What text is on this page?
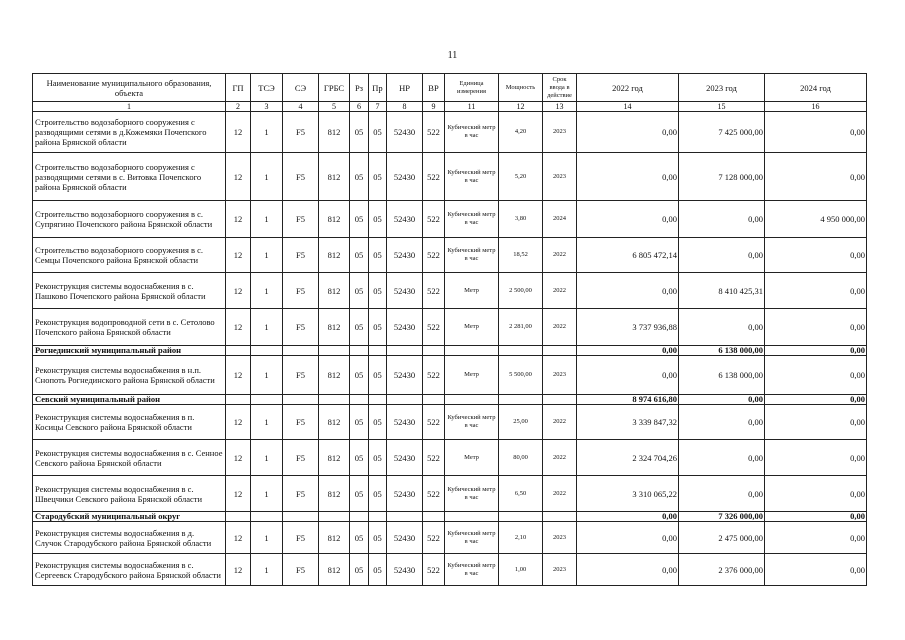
11
Наименование муниципального образования, объекта	ГП	ТСЭ	СЭ	ГРБС	Рз	Пр	НР	ВР	Единица измерения	Мощность	Срок ввода в действие	2022 год	2023 год	2024 год
1	2	3	4	5	6	7	8	9	11	12	13	14	15	16
Строительство водозаборного сооружения с разводящими сетями в д.Кожемяки Почепского района Брянской области	12	1	F5	812	05	05	52430	522	Кубический метр в час	4,20	2023	0,00	7 425 000,00	0,00
Строительство водозаборного сооружения с разводящими сетями в с. Витовка Почепского района Брянской области	12	1	F5	812	05	05	52430	522	Кубический метр в час	5,20	2023	0,00	7 128 000,00	0,00
Строительство водозаборного сооружения в с. Супрягино Почепского района Брянской области	12	1	F5	812	05	05	52430	522	Кубический метр в час	3,80	2024	0,00	0,00	4 950 000,00
Строительство водозаборного сооружения в с. Семцы Почепского района Брянской области	12	1	F5	812	05	05	52430	522	Кубический метр в час	18,52	2022	6 805 472,14	0,00	0,00
Реконструкция системы водоснабжения в с. Пашково Почепского района Брянской области	12	1	F5	812	05	05	52430	522	Метр	2 500,00	2022	0,00	8 410 425,31	0,00
Реконструкция водопроводной сети в с. Сетолово Почепского района Брянской области	12	1	F5	812	05	05	52430	522	Метр	2 281,00	2022	3 737 936,88	0,00	0,00
Рогнединский муниципальный район												0,00	6 138 000,00	0,00
Реконструкция системы водоснабжения в н.п. Снопоть Рогнединского района Брянской области	12	1	F5	812	05	05	52430	522	Метр	5 500,00	2023	0,00	6 138 000,00	0,00
Севский муниципальный район												8 974 616,80	0,00	0,00
Реконструкция системы водоснабжения в п. Косицы Севского района Брянской области	12	1	F5	812	05	05	52430	522	Кубический метр в час	25,00	2022	3 339 847,32	0,00	0,00
Реконструкция системы водоснабжения в с. Сенное Севского района Брянской области	12	1	F5	812	05	05	52430	522	Метр	80,00	2022	2 324 704,26	0,00	0,00
Реконструкция системы водоснабжения в с. Швецчики Севского района Брянской области	12	1	F5	812	05	05	52430	522	Кубический метр в час	6,50	2022	3 310 065,22	0,00	0,00
Стародубский муниципальный округ												0,00	7 326 000,00	0,00
Реконструкция системы водоснабжения в д. Случок Стародубского района Брянской области	12	1	F5	812	05	05	52430	522	Кубический метр в час	2,10	2023	0,00	2 475 000,00	0,00
Реконструкция системы водоснабжения в с. Сергеевск Стародубского района Брянской области	12	1	F5	812	05	05	52430	522	Кубический метр в час	1,00	2023	0,00	2 376 000,00	0,00
